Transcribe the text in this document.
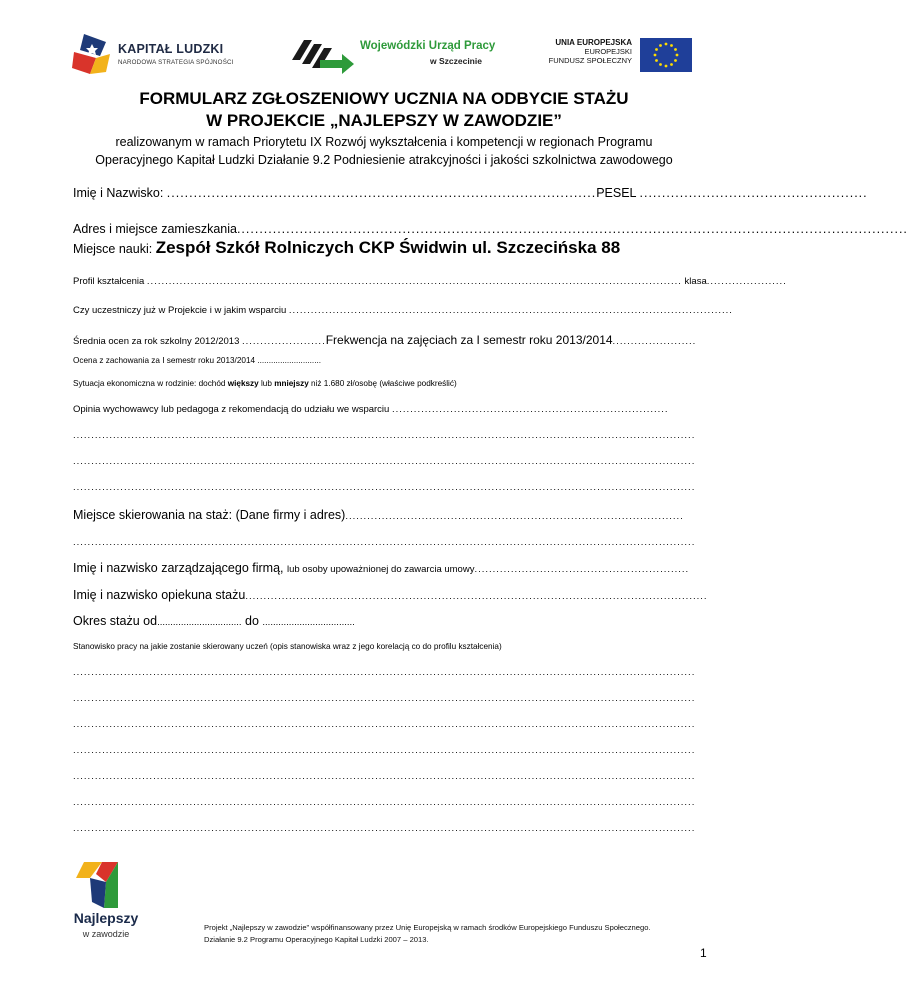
KAPITAŁ LUDZKI
NARODOWA STRATEGIA SPÓJNOŚCI
Wojewódzki Urząd Pracy
w Szczecinie
UNIA EUROPEJSKA
EUROPEJSKI
FUNDUSZ SPOŁECZNY
FORMULARZ ZGŁOSZENIOWY UCZNIA NA ODBYCIE STAŻU
W PROJEKCIE „NAJLEPSZY W ZAWODZIE”
realizowanym w ramach Priorytetu IX Rozwój wykształcenia i kompetencji w regionach Programu
Operacyjnego Kapitał Ludzki Działanie 9.2 Podniesienie atrakcyjności i jakości szkolnictwa zawodowego
Imię i Nazwisko: ................................................................................................PESEL ...................................................
Adres i miejsce zamieszkania......................................................................................................................................................
Miejsce nauki: Zespół Szkół Rolniczych CKP Świdwin ul. Szczecińska 88
Profil kształcenia ................................................................................................................................................... klasa......................
Czy uczestniczy już w Projekcie i w jakim wsparciu ..........................................................................................................................
Średnia ocen za rok szkolny 2012/2013 .......................Frekwencja na zajęciach za I semestr roku 2013/2014.......................
Ocena z zachowania za I semestr roku 2013/2014 ............................
Sytuacja ekonomiczna w rodzinie: dochód większy lub mniejszy niż 1.680 zł/osobę (właściwe podkreślić)
Opinia wychowawcy lub pedagoga z rekomendacją do udziału we wsparciu ............................................................................
...........................................................................................................................................................................
...........................................................................................................................................................................
...........................................................................................................................................................................
Miejsce skierowania na staż: (Dane firmy i adres).............................................................................................
...........................................................................................................................................................................
Imię i nazwisko zarządzającego firmą, lub osoby upoważnionej do zawarcia umowy...........................................................
Imię i nazwisko opiekuna stażu...............................................................................................................................
Okres stażu od................................ do ...................................
Stanowisko pracy na jakie zostanie skierowany uczeń (opis stanowiska wraz z jego korelacją co do profilu kształcenia)
...........................................................................................................................................................................
...........................................................................................................................................................................
...........................................................................................................................................................................
...........................................................................................................................................................................
...........................................................................................................................................................................
...........................................................................................................................................................................
...........................................................................................................................................................................
Najlepszy
w zawodzie
Projekt „Najlepszy w zawodzie” współfinansowany przez Unię Europejską w ramach środków Europejskiego Funduszu Społecznego.
Działanie 9.2 Programu Operacyjnego Kapitał Ludzki 2007 – 2013.
1
